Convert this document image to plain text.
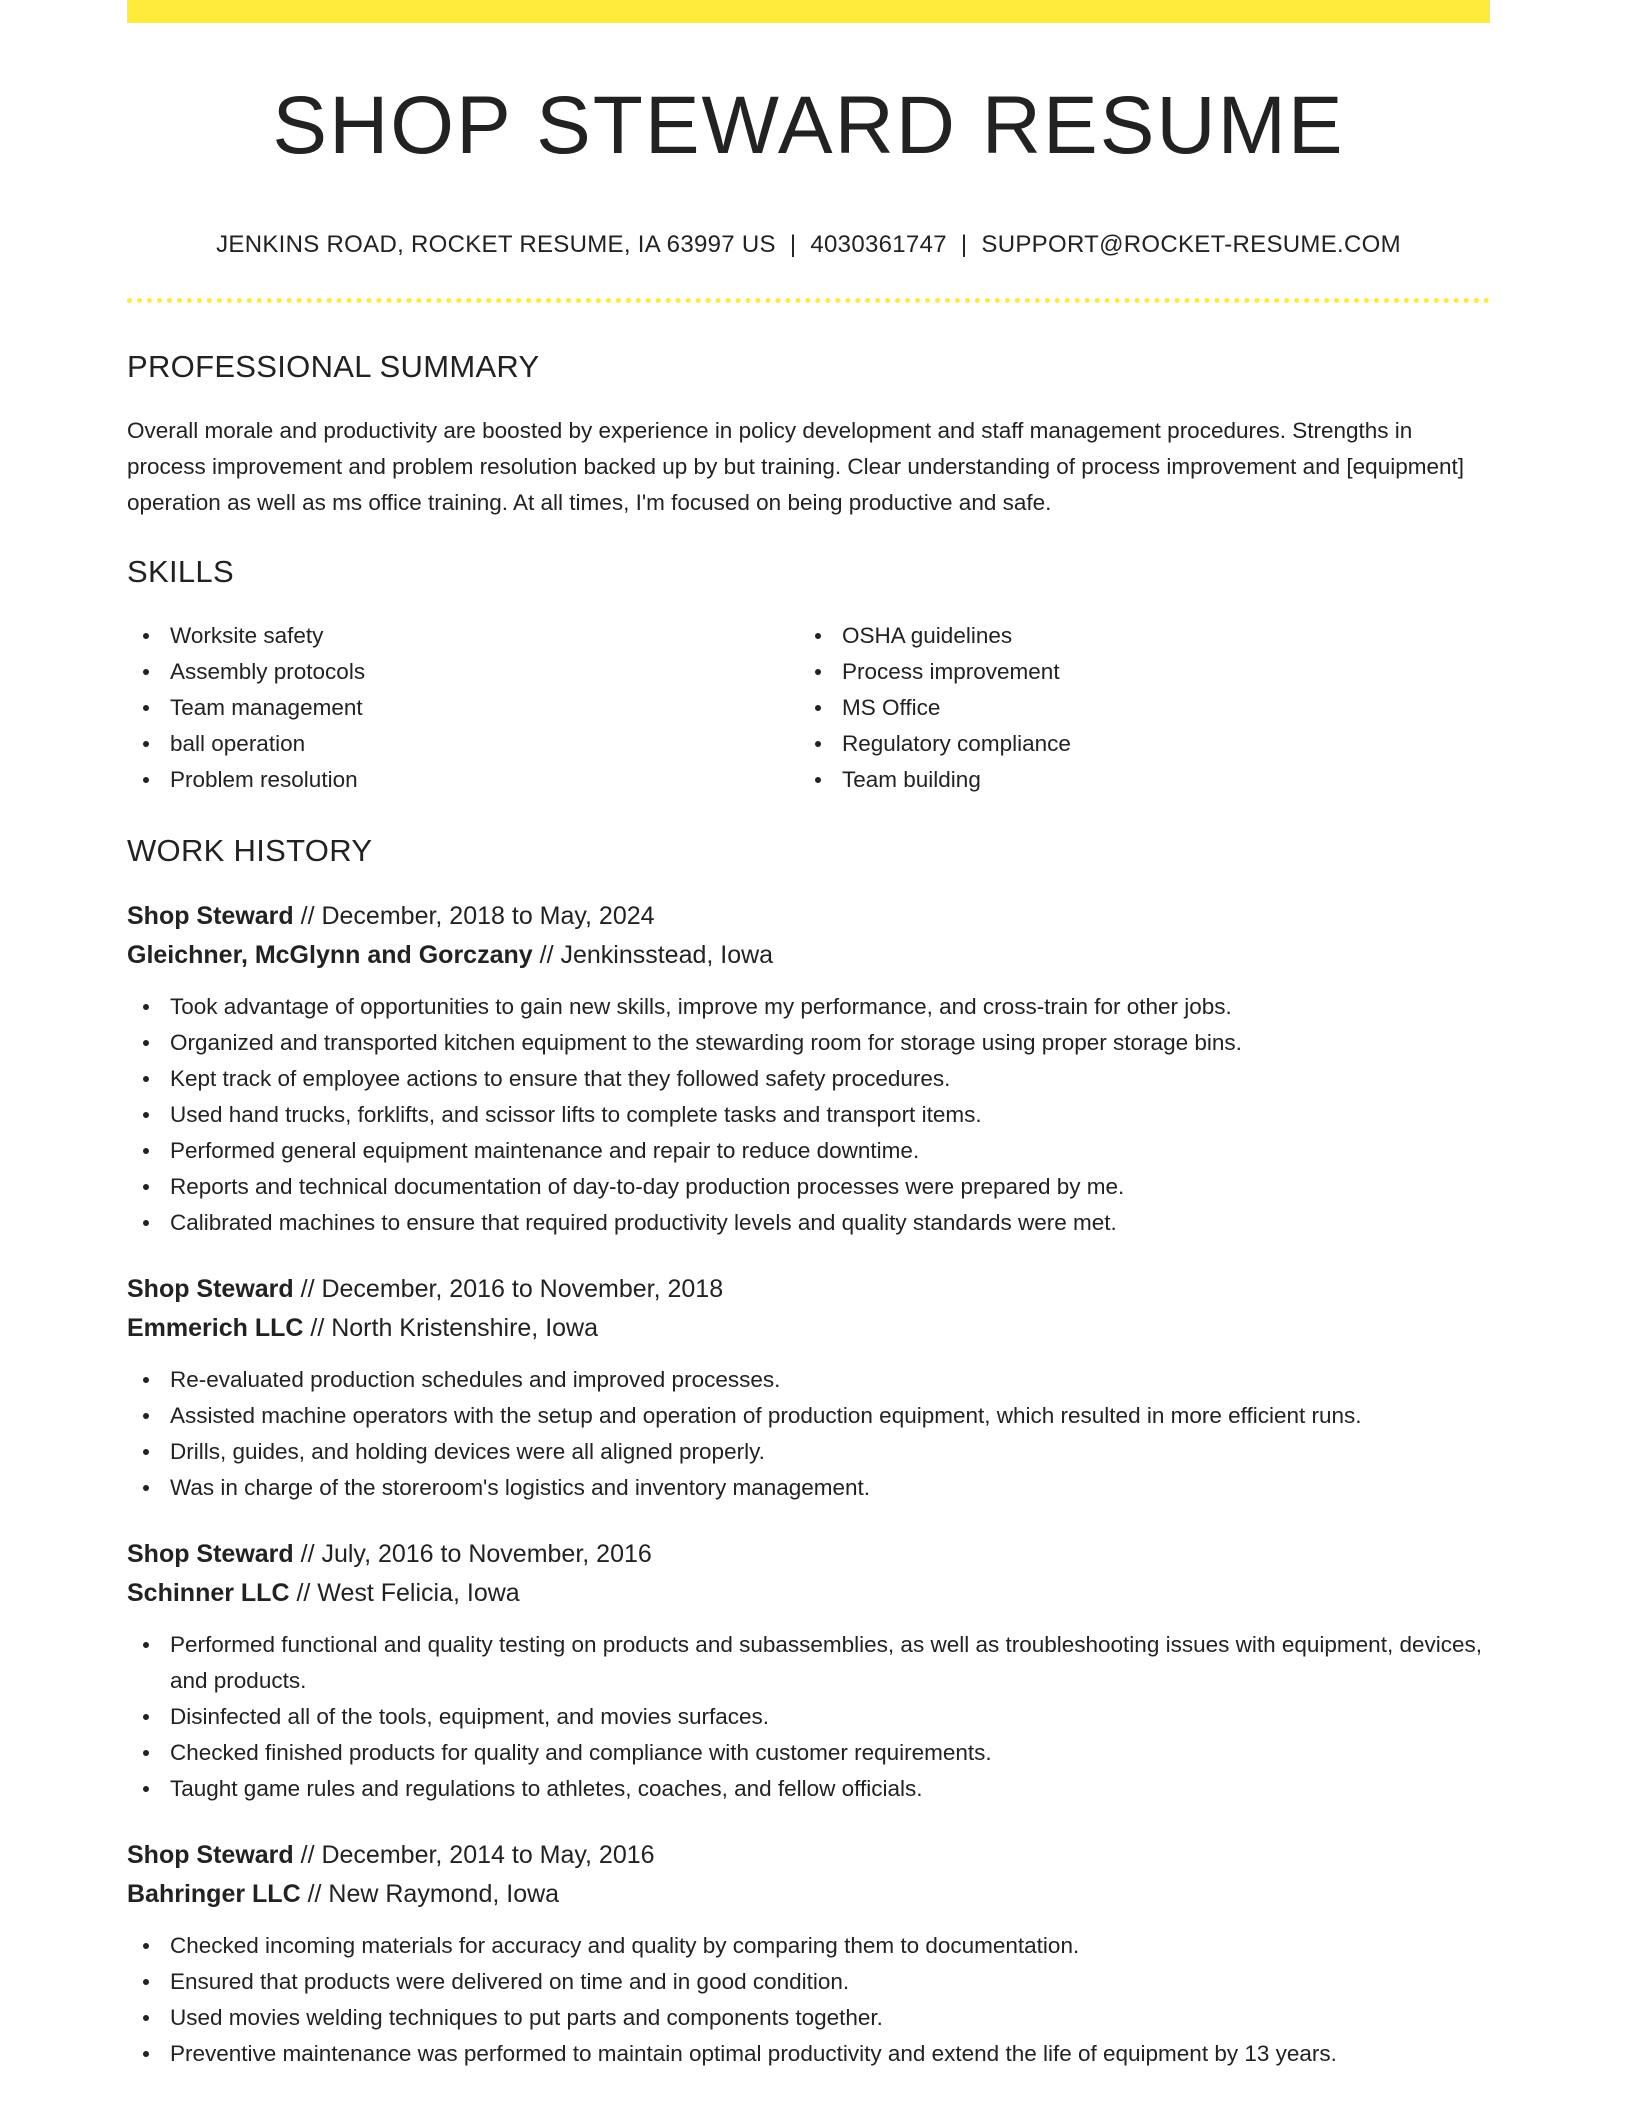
SHOP STEWARD RESUME
JENKINS ROAD, ROCKET RESUME, IA 63997 US | 4030361747 | SUPPORT@ROCKET-RESUME.COM
PROFESSIONAL SUMMARY

Overall morale and productivity are boosted by experience in policy development and staff management procedures. Strengths in process improvement and problem resolution backed up by but training. Clear understanding of process improvement and [equipment] operation as well as ms office training. At all times, I'm focused on being productive and safe.

SKILLS
Worksite safety
Assembly protocols
Team management
ball operation
Problem resolution
OSHA guidelines
Process improvement
MS Office
Regulatory compliance
Team building
WORK HISTORY
Shop Steward // December, 2018 to May, 2024
Gleichner, McGlynn and Gorczany // Jenkinsstead, Iowa
Took advantage of opportunities to gain new skills, improve my performance, and cross-train for other jobs.
Organized and transported kitchen equipment to the stewarding room for storage using proper storage bins.
Kept track of employee actions to ensure that they followed safety procedures.
Used hand trucks, forklifts, and scissor lifts to complete tasks and transport items.
Performed general equipment maintenance and repair to reduce downtime.
Reports and technical documentation of day-to-day production processes were prepared by me.
Calibrated machines to ensure that required productivity levels and quality standards were met.
Shop Steward // December, 2016 to November, 2018
Emmerich LLC // North Kristenshire, Iowa
Re-evaluated production schedules and improved processes.
Assisted machine operators with the setup and operation of production equipment, which resulted in more efficient runs.
Drills, guides, and holding devices were all aligned properly.
Was in charge of the storeroom's logistics and inventory management.
Shop Steward // July, 2016 to November, 2016
Schinner LLC // West Felicia, Iowa
Performed functional and quality testing on products and subassemblies, as well as troubleshooting issues with equipment, devices, and products.
Disinfected all of the tools, equipment, and movies surfaces.
Checked finished products for quality and compliance with customer requirements.
Taught game rules and regulations to athletes, coaches, and fellow officials.
Shop Steward // December, 2014 to May, 2016
Bahringer LLC // New Raymond, Iowa
Checked incoming materials for accuracy and quality by comparing them to documentation.
Ensured that products were delivered on time and in good condition.
Used movies welding techniques to put parts and components together.
Preventive maintenance was performed to maintain optimal productivity and extend the life of equipment by 13 years.
